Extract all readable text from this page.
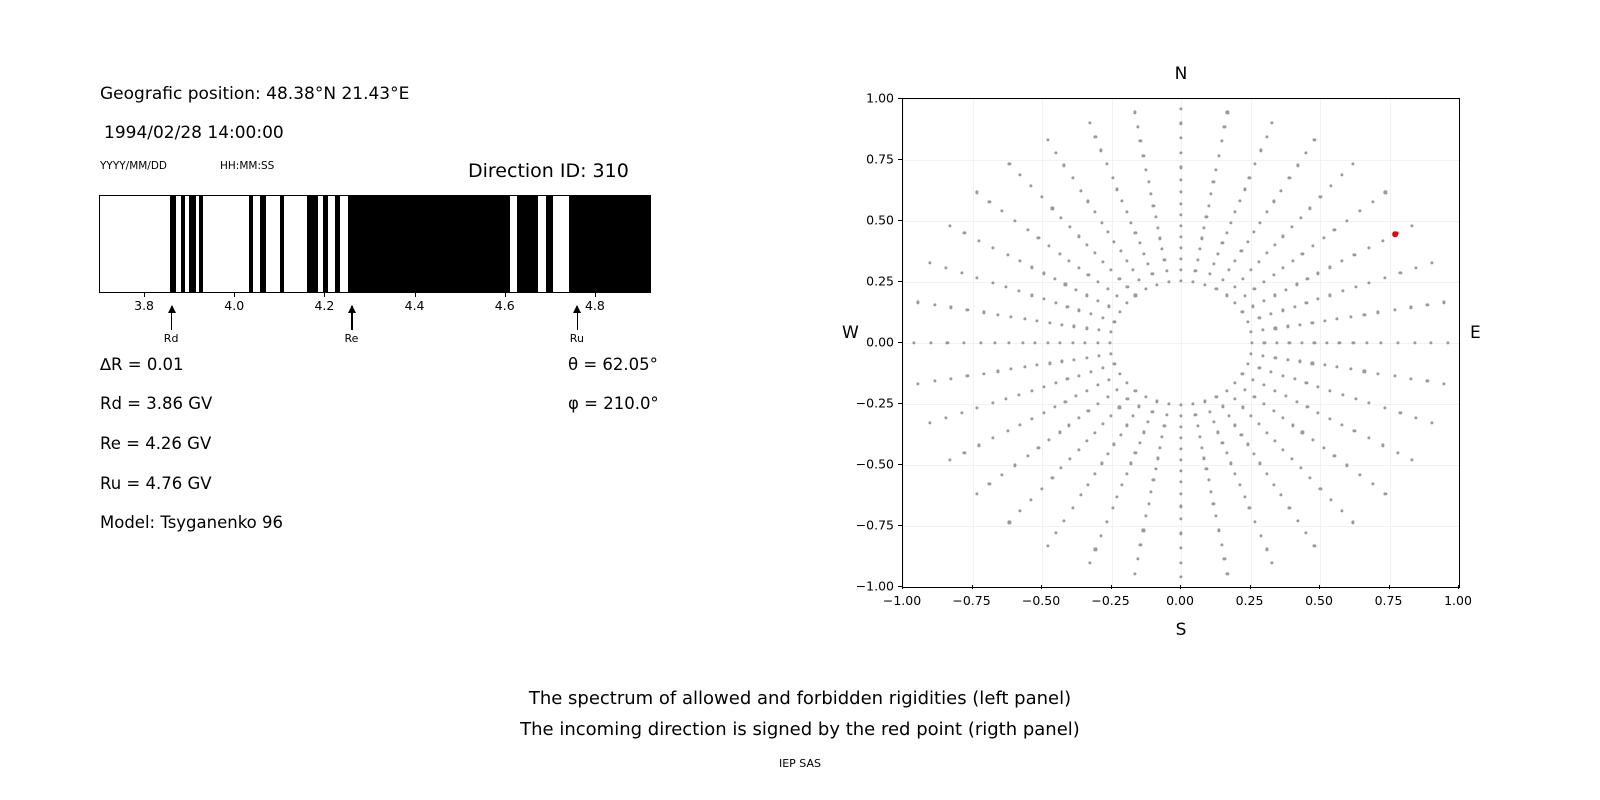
Geografic position: 48.38°N 21.43°E
1994/02/28 14:00:00
YYYY/MM/DD	HH:MM:SS	Direction ID: 310
3.8	4.0	4.2	4.4	4.6	4.8
Rd	Re	Ru
∆R = 0.01
Rd = 3.86 GV
Re = 4.26 GV
Ru = 4.76 GV
Model: Tsyganenko 96
θ = 62.05°
φ = 210.0°
N
S
W	E
−1.00
−0.75
−0.50
−0.25
0.00
0.25
0.50
0.75
1.00
−1.00 −0.75 −0.50 −0.25	0.00	0.25	0.50	0.75	1.00
The spectrum of allowed and forbidden rigidities (left panel)
The incoming direction is signed by the red point (rigth panel)
IEP SAS
